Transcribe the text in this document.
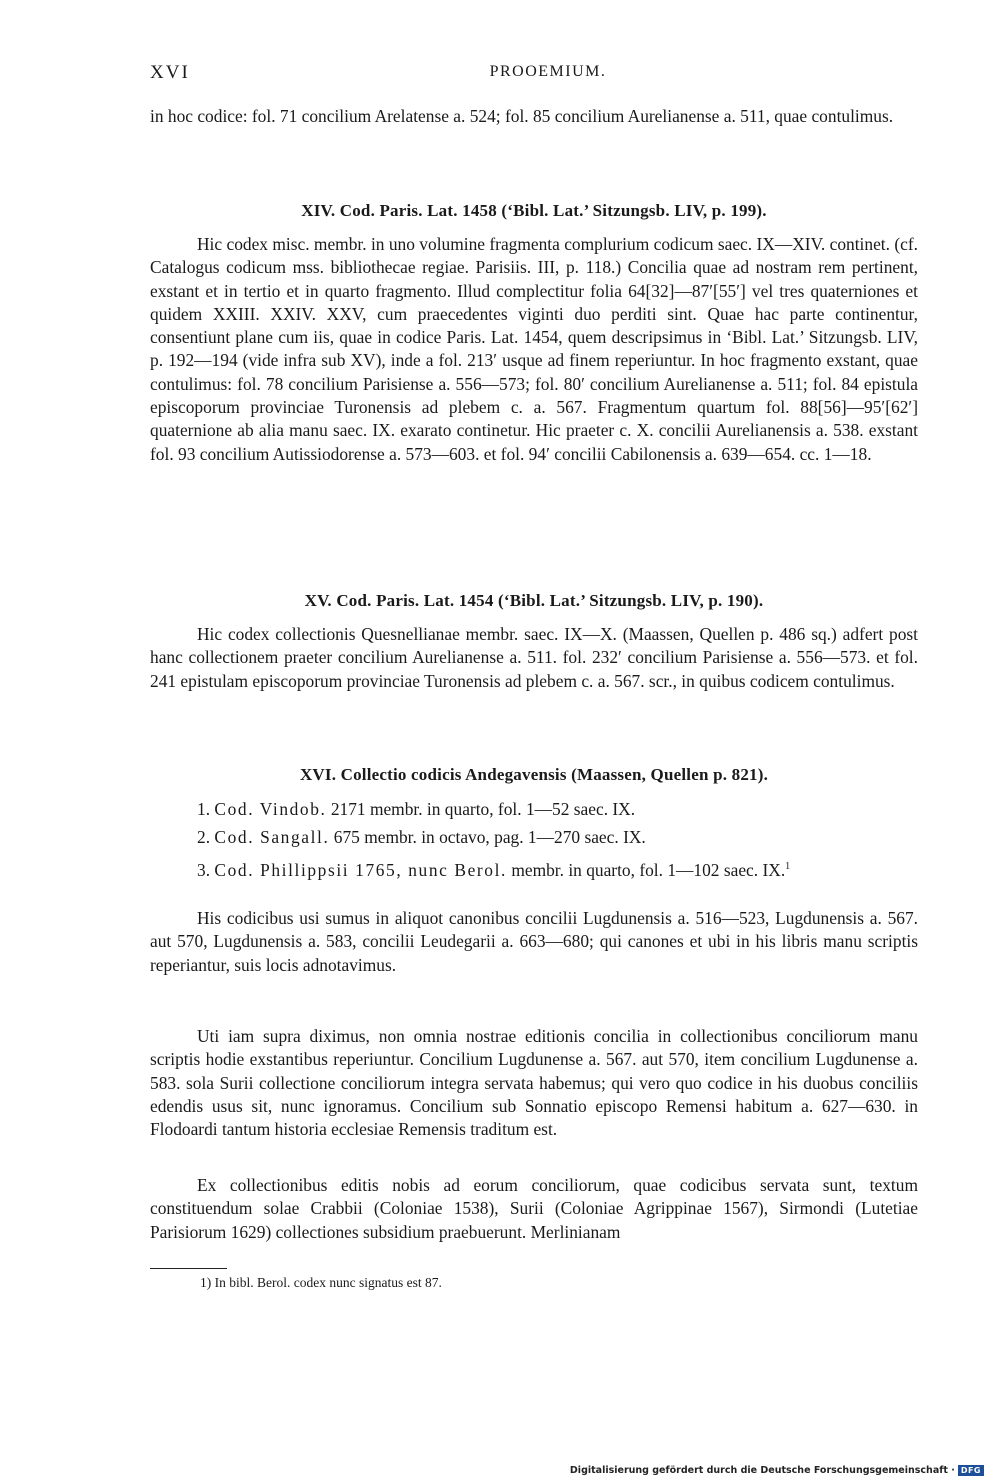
XVI	PROOEMIUM.

in hoc codice: fol. 71 concilium Arelatense a. 524; fol. 85 concilium Aurelianense a. 511, quae contulimus.

XIV. Cod. Paris. Lat. 1458 (‘Bibl. Lat.’ Sitzungsb. LIV, p. 199).

Hic codex misc. membr. in uno volumine fragmenta complurium codicum saec. IX—XIV. continet. (cf. Catalogus codicum mss. bibliothecae regiae. Parisiis. III, p. 118.) Concilia quae ad nostram rem pertinent, exstant et in tertio et in quarto fragmento. Illud complectitur folia 64[32]—87′[55′] vel tres quaterniones et quidem XXIII. XXIV. XXV, cum praecedentes viginti duo perditi sint. Quae hac parte continentur, consentiunt plane cum iis, quae in codice Paris. Lat. 1454, quem descripsimus in ‘Bibl. Lat.’ Sitzungsb. LIV, p. 192—194 (vide infra sub XV), inde a fol. 213′ usque ad finem reperiuntur. In hoc fragmento exstant, quae contulimus: fol. 78 concilium Parisiense a. 556—573; fol. 80′ concilium Aurelianense a. 511; fol. 84 epistula episcoporum provinciae Turonensis ad plebem c. a. 567. Fragmentum quartum fol. 88[56]—95′[62′] quaternione ab alia manu saec. IX. exarato continetur. Hic praeter c. X. concilii Aurelianensis a. 538. exstant fol. 93 concilium Autissiodorense a. 573—603. et fol. 94′ concilii Cabilonensis a. 639—654. cc. 1—18.

XV. Cod. Paris. Lat. 1454 (‘Bibl. Lat.’ Sitzungsb. LIV, p. 190).

Hic codex collectionis Quesnellianae membr. saec. IX—X. (Maassen, Quellen p. 486 sq.) adfert post hanc collectionem praeter concilium Aurelianense a. 511. fol. 232′ concilium Parisiense a. 556—573. et fol. 241 epistulam episcoporum provinciae Turonensis ad plebem c. a. 567. scr., in quibus codicem contulimus.

XVI. Collectio codicis Andegavensis (Maassen, Quellen p. 821).

1. Cod. Vindob. 2171 membr. in quarto, fol. 1—52 saec. IX.

2. Cod. Sangall. 675 membr. in octavo, pag. 1—270 saec. IX.

3. Cod. Phillippsii 1765, nunc Berol. membr. in quarto, fol. 1—102 saec. IX.$^1$

His codicibus usi sumus in aliquot canonibus concilii Lugdunensis a. 516—523, Lugdunensis a. 567. aut 570, Lugdunensis a. 583, concilii Leudegarii a. 663—680; qui canones et ubi in his libris manu scriptis reperiantur, suis locis adnotavimus.

Uti iam supra diximus, non omnia nostrae editionis concilia in collectionibus conciliorum manu scriptis hodie exstantibus reperiuntur. Concilium Lugdunense a. 567. aut 570, item concilium Lugdunense a. 583. sola Surii collectione conciliorum integra servata habemus; qui vero quo codice in his duobus conciliis edendis usus sit, nunc ignoramus. Concilium sub Sonnatio episcopo Remensi habitum a. 627—630. in Flodoardi tantum historia ecclesiae Remensis traditum est.

Ex collectionibus editis nobis ad eorum conciliorum, quae codicibus servata sunt, textum constituendum solae Crabbii (Coloniae 1538), Surii (Coloniae Agrippinae 1567), Sirmondi (Lutetiae Parisiorum 1629) collectiones subsidium praebuerunt. Merlinianam

1) In bibl. Berol. codex nunc signatus est 87.

Digitalisierung gefördert durch die Deutsche Forschungsgemeinschaft · DFG
